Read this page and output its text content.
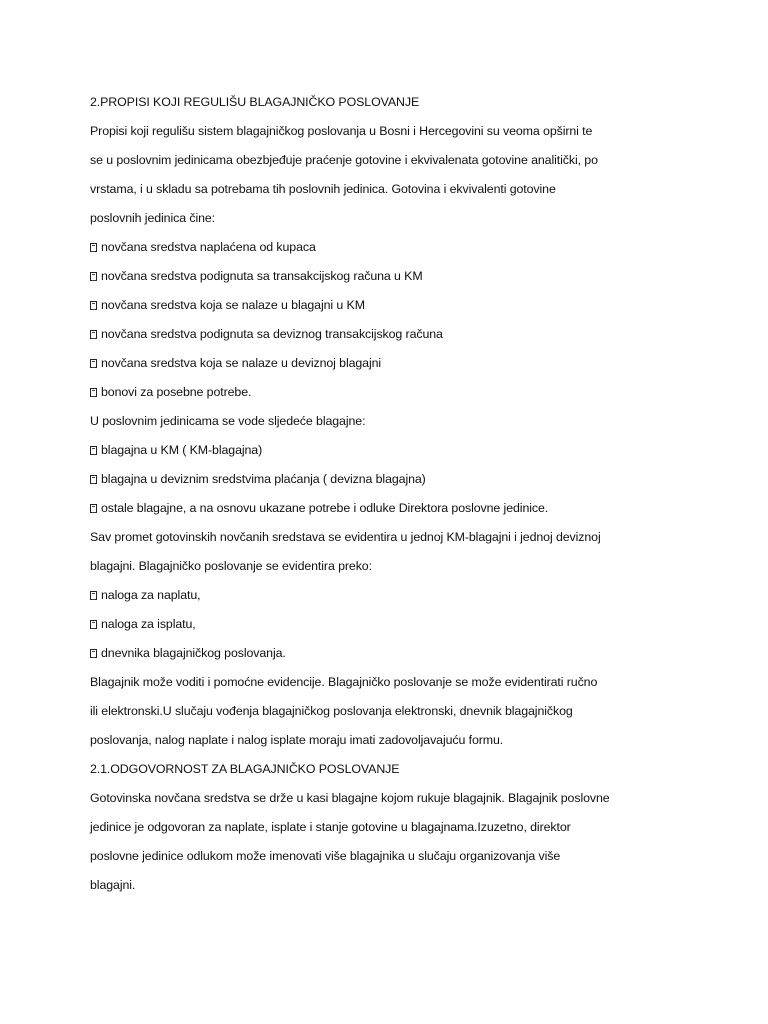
2.PROPISI KOJI REGULIŠU BLAGAJNIČKO POSLOVANJE
Propisi koji regulišu sistem blagajničkog poslovanja u Bosni i Hercegovini su veoma opširni te
se u poslovnim jedinicama obezbjeđuje praćenje gotovine i ekvivalenata gotovine analitički, po
vrstama, i u skladu sa potrebama tih poslovnih jedinica. Gotovina i ekvivalenti gotovine
poslovnih jedinica čine:
novčana sredstva naplaćena od kupaca
novčana sredstva podignuta sa transakcijskog računa u KM
novčana sredstva koja se nalaze u blagajni u KM
novčana sredstva podignuta sa deviznog transakcijskog računa
novčana sredstva koja se nalaze u deviznoj blagajni
bonovi za posebne potrebe.
U poslovnim jedinicama se vode sljedeće blagajne:
blagajna u KM ( KM-blagajna)
blagajna u deviznim sredstvima plaćanja ( devizna blagajna)
ostale blagajne, a na osnovu ukazane potrebe i odluke Direktora poslovne jedinice.
Sav promet gotovinskih novčanih sredstava se evidentira u jednoj KM-blagajni i jednoj deviznoj
blagajni. Blagajničko poslovanje se evidentira preko:
naloga za naplatu,
naloga za isplatu,
dnevnika blagajničkog poslovanja.
Blagajnik može voditi i pomoćne evidencije. Blagajničko poslovanje se može evidentirati ručno
ili elektronski.U slučaju vođenja blagajničkog poslovanja elektronski, dnevnik blagajničkog
poslovanja, nalog naplate i nalog isplate moraju imati zadovoljavajuću formu.
2.1.ODGOVORNOST ZA BLAGAJNIČKO POSLOVANJE
Gotovinska novčana sredstva se drže u kasi blagajne kojom rukuje blagajnik. Blagajnik poslovne
jedinice je odgovoran za naplate, isplate i stanje gotovine u blagajnama.Izuzetno, direktor
poslovne jedinice odlukom može imenovati više blagajnika u slučaju organizovanja više
blagajni.
